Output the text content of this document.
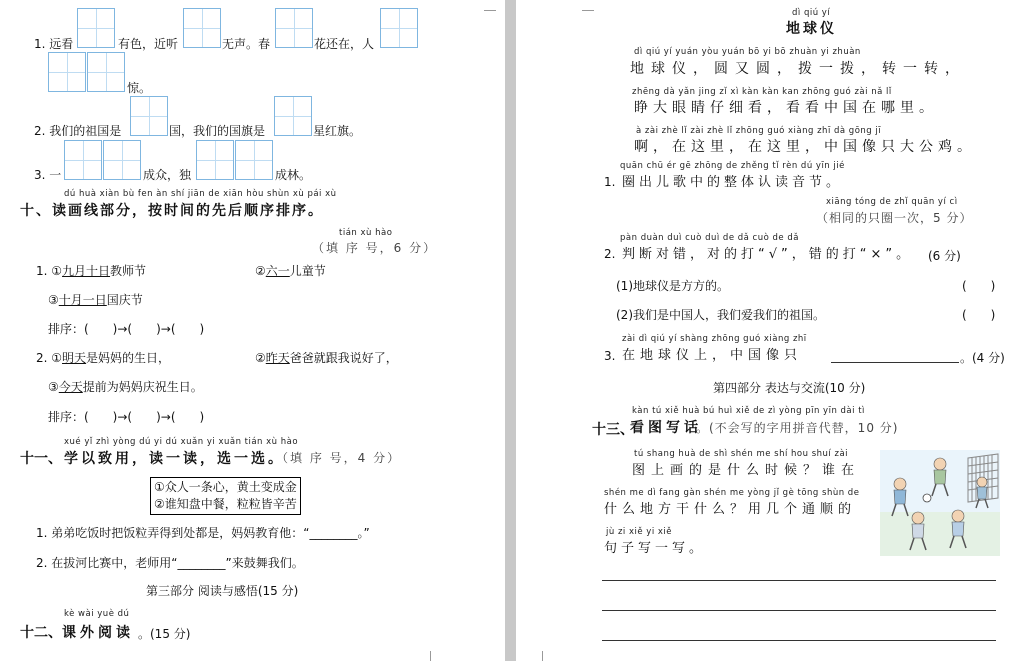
1. 远看	有色，近听	无声。春	花还在，人
惊。
2. 我们的祖国是	国，我们的国旗是	星红旗。
3. 一	成众，独	成林。
dú huà xiàn bù fen àn shí jiān de xiān hòu shùn xù pái xù
十、读画线部分，按时间的先后顺序排序。
tián xù hào
（填 序 号，6 分）
1. ①九月十日教师节	②六一儿童节
③十月一日国庆节
排序：(　　)→(　　)→(　　)
2. ①明天是妈妈的生日，	②昨天爸爸就跟我说好了，
③今天提前为妈妈庆祝生日。
排序：(　　)→(　　)→(　　)
xué yǐ zhì yòng dú yi dú xuǎn yi xuǎn tián xù hào
十一、 学以致用，读一读，选一选。
（填 序 号，4 分）
①众人一条心，黄土变成金
②谁知盘中餐，粒粒皆辛苦
1. 弟弟吃饭时把饭粒弄得到处都是，妈妈教育他：“________。”
2. 在拔河比赛中，老师用“________”来鼓舞我们。
第三部分 阅读与感悟(15 分)
kè wài yuè dú
十二、 课外阅读 。(15 分)
dì qiú yí
地球仪
dì qiú yí yuán yòu yuán bō yi bō zhuàn yi zhuàn
地球仪，圆又圆，拨一拨，转一转，
zhēng dà yǎn jing zǐ xì kàn kàn kan zhōng guó zài nǎ lǐ
睁大眼睛仔细看，看看中国在哪里。
à zài zhè lǐ zài zhè lǐ zhōng guó xiàng zhī dà gōng jī
啊，在这里，在这里，中国像只大公鸡。
quān chū ér gē zhōng de zhěng tǐ rèn dú yīn jié
1. 圈出儿歌中的整体认读音节。
xiāng tóng de zhǐ quān yí cì
（相同的只圈一次，5 分）
pàn duàn duì cuò duì de dǎ cuò de dǎ
2. 判断对错，对的打“√”，错的打“×”。 (6 分)
(1)地球仪是方方的。	(　　)
(2)我们是中国人，我们爱我们的祖国。	(　　)
zài dì qiú yí shàng zhōng guó xiàng zhī
3. 在地球仪上，中国像只	。(4 分)
第四部分 表达与交流(10 分)
kàn tú xiě huà bú huì xiě de zì yòng pīn yīn dài tì
十三、
看图写话
。(不会写的字用拼音代替，10 分)
tú shang huà de shì shén me shí hou shuí zài
图上画的是什么时候？谁在
shén me dì fang gàn shén me yòng jǐ gè tōng shùn de
什么地方干什么？用几个通顺的
jù zi xiě yi xiě
句子写一写。
